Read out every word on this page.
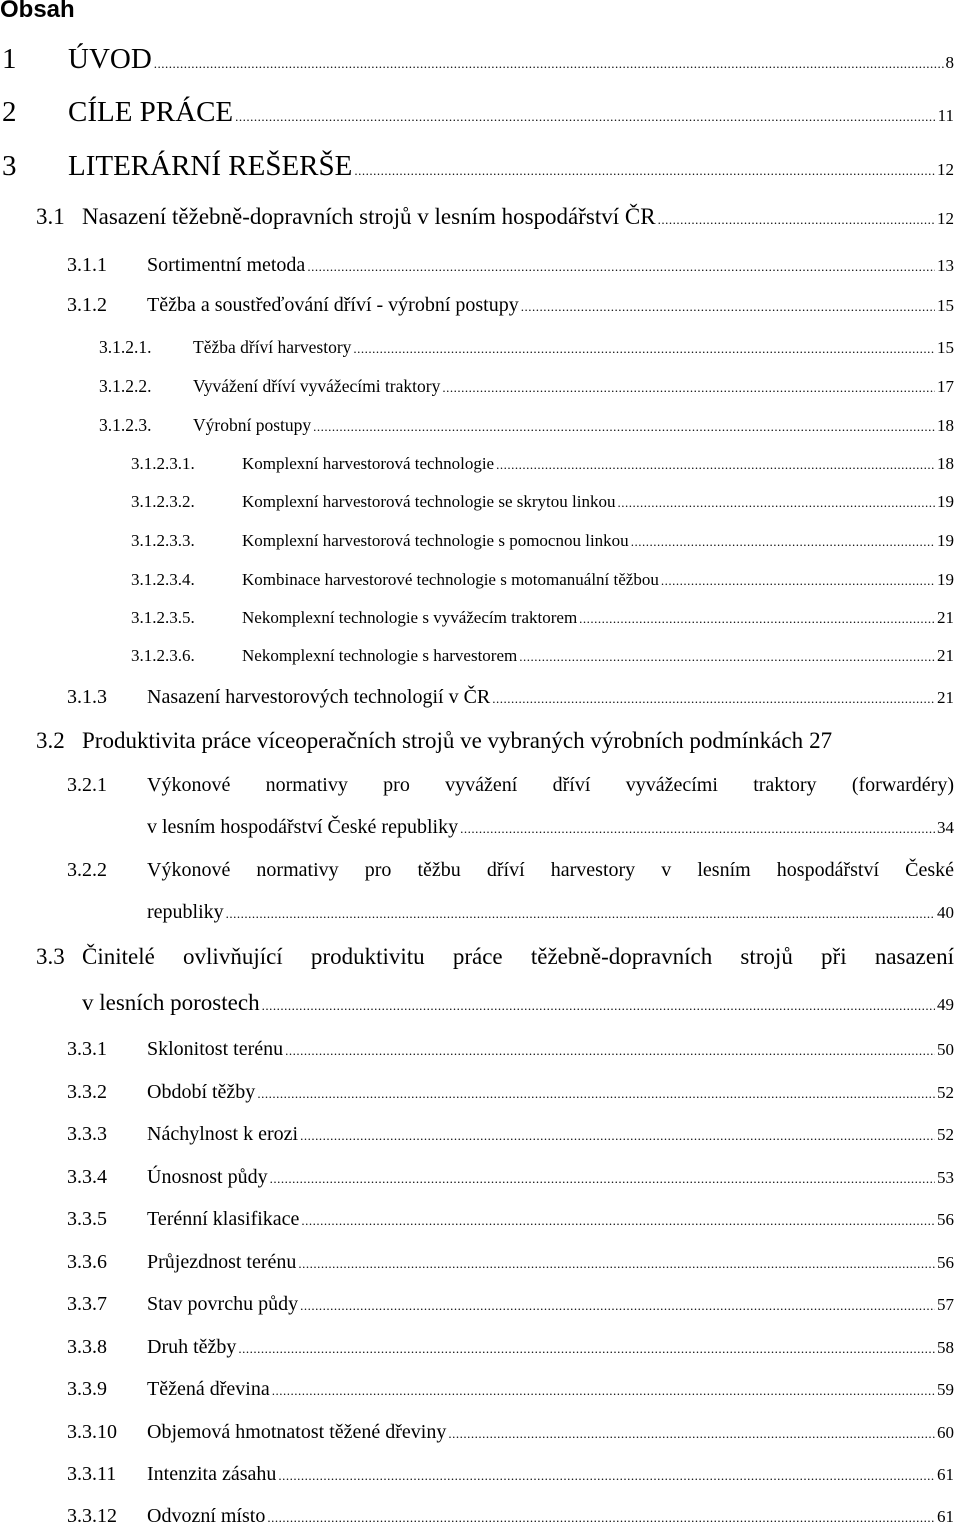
Obsah
1	ÚVOD .....	8
2	CÍLE PRÁCE .....	11
3	LITERÁRNÍ REŠERŠE .....	12
3.1 Nasazení těžebně-dopravních strojů v lesním hospodářství ČR .....	12
3.1.1	Sortimentní metoda .....	13
3.1.2	Těžba a soustřeďování dříví - výrobní postupy .....	15
3.1.2.1.	Těžba dříví harvestory .....	15
3.1.2.2.	Vyvážení dříví vyvážecími traktory .....	17
3.1.2.3.	Výrobní postupy .....	18
3.1.2.3.1.	Komplexní harvestorová technologie .....	18
3.1.2.3.2.	Komplexní harvestorová technologie se skrytou linkou .....	19
3.1.2.3.3.	Komplexní harvestorová technologie s pomocnou linkou .....	19
3.1.2.3.4.	Kombinace harvestorové technologie s motomanuální těžbou .....	19
3.1.2.3.5.	Nekomplexní technologie s vyvážecím traktorem .....	21
3.1.2.3.6.	Nekomplexní technologie s harvestorem .....	21
3.1.3	Nasazení harvestorových technologií v ČR .....	21
3.2 Produktivita práce víceoperačních strojů ve vybraných výrobních podmínkách 27
3.2.1 Výkonové normativy pro vyvážení dříví vyvážecími traktory (forwardéry)
v lesním hospodářství České republiky .....	34
3.2.2 Výkonové normativy pro těžbu dříví harvestory v lesním hospodářství České
republiky .....	40
3.3 Činitelé ovlivňující produktivitu práce těžebně-dopravních strojů při nasazení
v lesních porostech .....	49
3.3.1	Sklonitost terénu .....	50
3.3.2	Období těžby .....	52
3.3.3	Náchylnost k erozi .....	52
3.3.4	Únosnost půdy .....	53
3.3.5	Terénní klasifikace .....	56
3.3.6	Průjezdnost terénu .....	56
3.3.7	Stav povrchu půdy .....	57
3.3.8	Druh těžby .....	58
3.3.9	Těžená dřevina .....	59
3.3.10	Objemová hmotnatost těžené dřeviny .....	60
3.3.11	Intenzita zásahu .....	61
3.3.12	Odvozní místo .....	61
